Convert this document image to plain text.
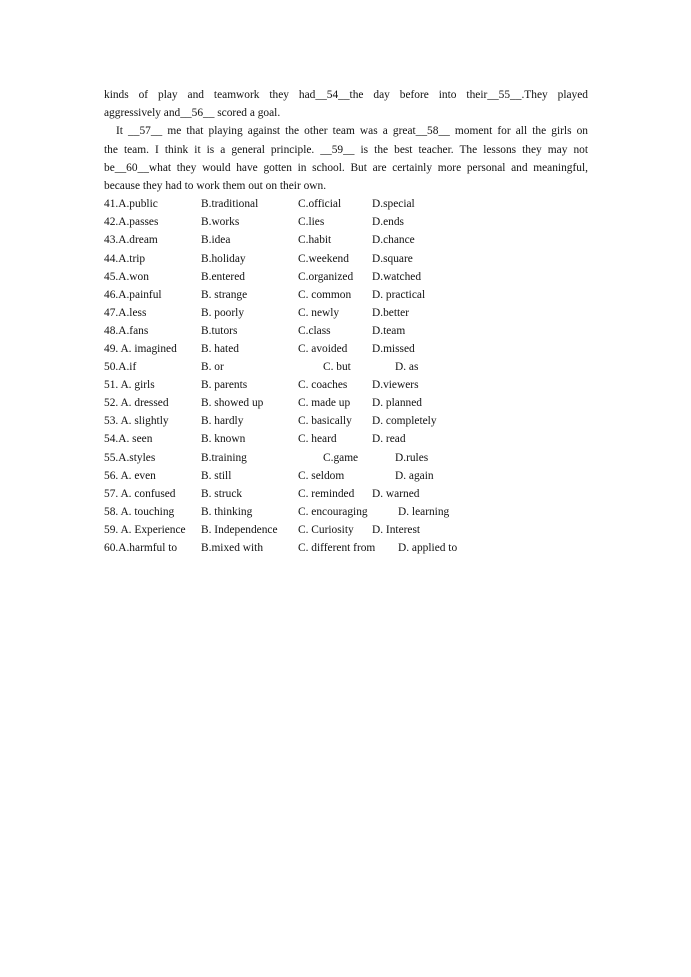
kinds of play and teamwork they had__54__the day before into their__55__.They played

aggressively and__56__ scored a goal.

It __57__ me that playing against the other team was a great__58__ moment for all the girls on

the team. I think it is a general principle. __59__ is the best teacher. The lessons they may not

be__60__what they would have gotten in school. But are certainly more personal and meaningful,

because they had to work them out on their own.

41.A.public	B.traditional	C.official	D.special
42.A.passes	B.works	C.lies	D.ends
43.A.dream	B.idea	C.habit	D.chance
44.A.trip	B.holiday	C.weekend D.square
45.A.won	B.entered	C.organized D.watched
46.A.painful	B. strange	C. common D. practical
47.A.less	B. poorly	C. newly	D.better
48.A.fans	B.tutors	C.class	D.team
49. A. imagined B. hated	C. avoided D.missed
50.A.if	B. or	C. but	D. as
51. A. girls	B. parents	C. coaches D.viewers
52. A. dressed	B. showed up	C. made up D. planned
53. A. slightly	B. hardly	C. basically D. completely
54.A. seen	B. known	C. heard	D. read
55.A.styles	B.training	C.game	D.rules
56. A. even	B. still	C. seldom	D. again
57. A. confused B. struck	C. reminded D. warned
58. A. touching B. thinking	C. encouraging	D. learning
59. A. Experience B. Independence C. Curiosity D. Interest
60.A.harmful to B.mixed with	C. different from D. applied to
